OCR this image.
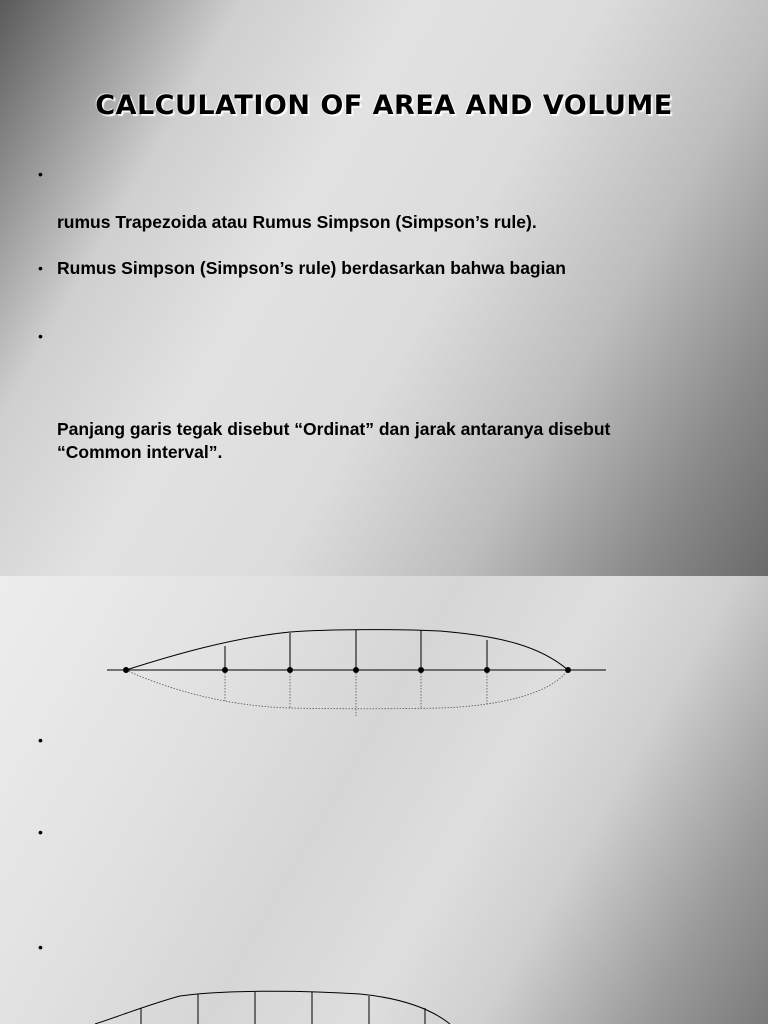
CALCULATION OF AREA AND VOLUME
•
rumus Trapezoida atau Rumus Simpson (Simpson’s rule).
• Rumus Simpson (Simpson’s rule) berdasarkan bahwa bagian
•
Panjang garis tegak disebut “Ordinat” dan jarak antaranya disebut
“Common interval”.
•
•
•
